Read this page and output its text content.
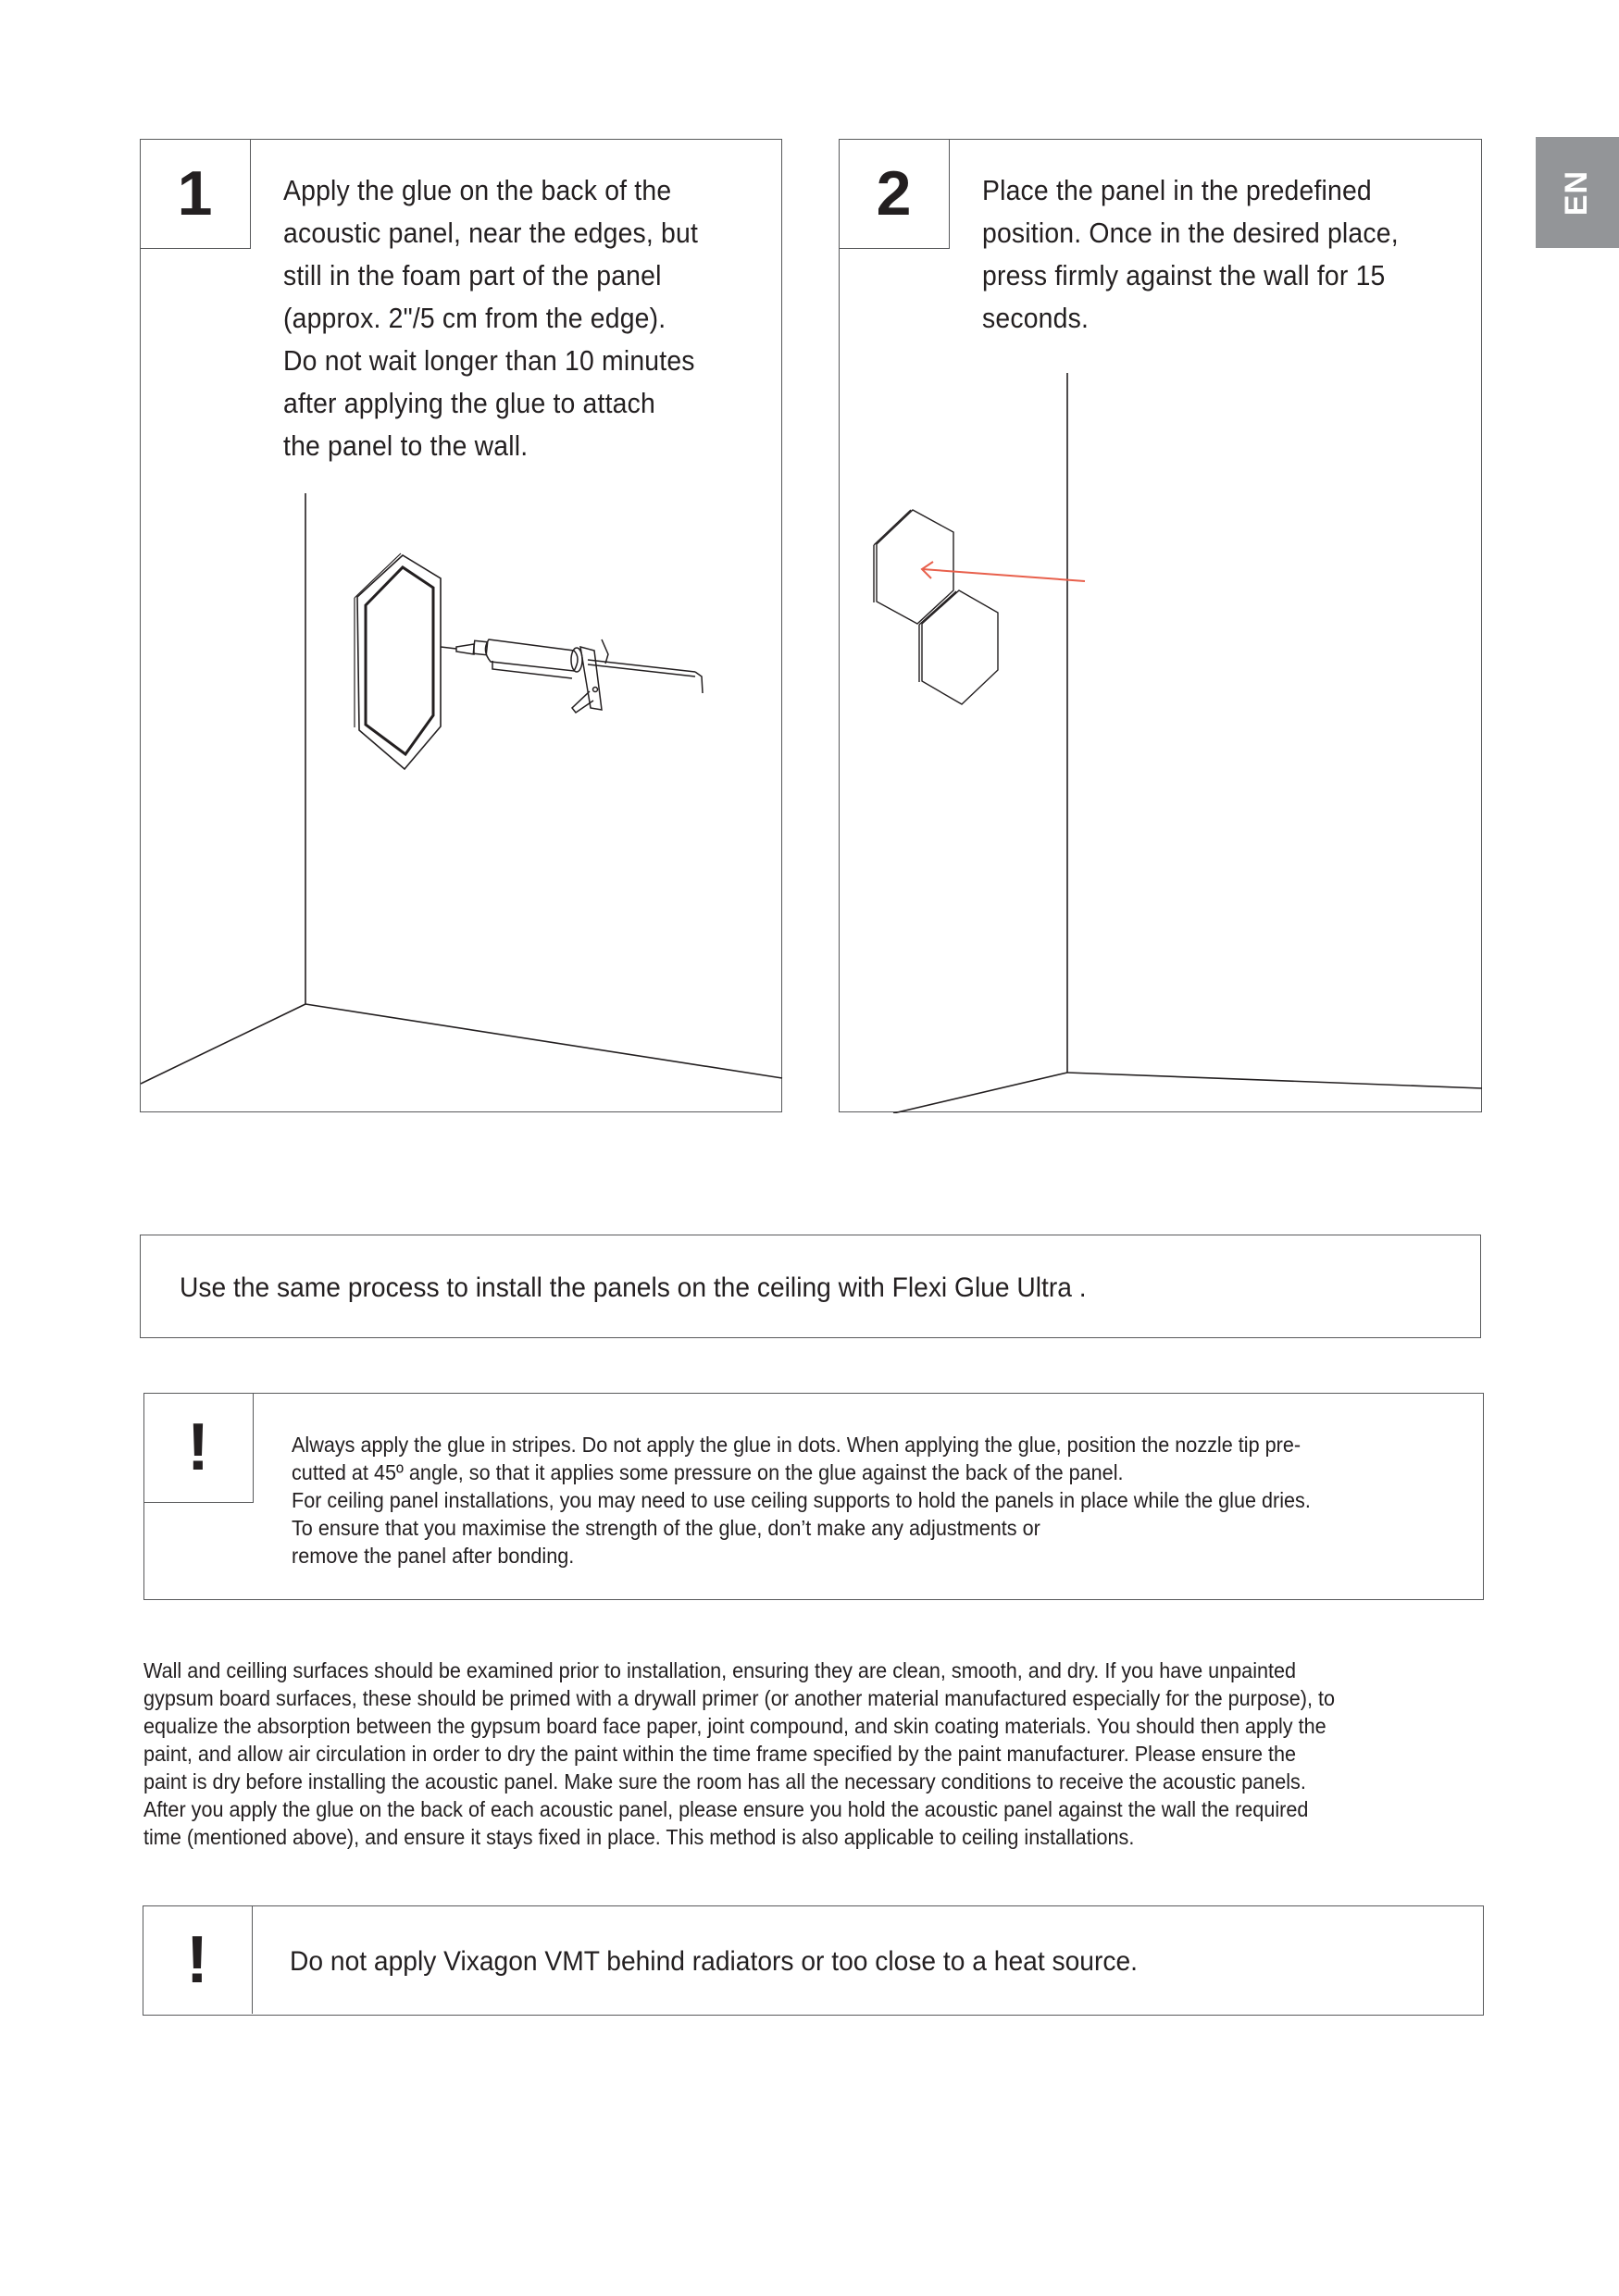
EN
1	Apply the glue on the back of the
acoustic panel, near the edges, but
still in the foam part of the panel
(approx. 2"/5 cm from the edge).
Do not wait longer than 10 minutes
after applying the glue to attach
the panel to the wall.
2	Place the panel in the predefined
position. Once in the desired place,
press firmly against the wall for 15
seconds.
Use the same process to install the panels on the ceiling with Flexi Glue Ultra .
!	Always apply the glue in stripes. Do not apply the glue in dots. When applying the glue, position the nozzle tip pre-
cutted at 45º angle, so that it applies some pressure on the glue against the back of the panel.
For ceiling panel installations, you may need to use ceiling supports to hold the panels in place while the glue dries.
To ensure that you maximise the strength of the glue, don’t make any adjustments or
remove the panel after bonding.
Wall and ceilling surfaces should be examined prior to installation, ensuring they are clean, smooth, and dry. If you have unpainted
gypsum board surfaces, these should be primed with a drywall primer (or another material manufactured especially for the purpose), to
equalize the absorption between the gypsum board face paper, joint compound, and skin coating materials. You should then apply the
paint, and allow air circulation in order to dry the paint within the time frame specified by the paint manufacturer. Please ensure the
paint is dry before installing the acoustic panel. Make sure the room has all the necessary conditions to receive the acoustic panels.
After you apply the glue on the back of each acoustic panel, please ensure you hold the acoustic panel against the wall the required
time (mentioned above), and ensure it stays fixed in place. This method is also applicable to ceiling installations.
!	Do not apply Vixagon VMT behind radiators or too close to a heat source.
